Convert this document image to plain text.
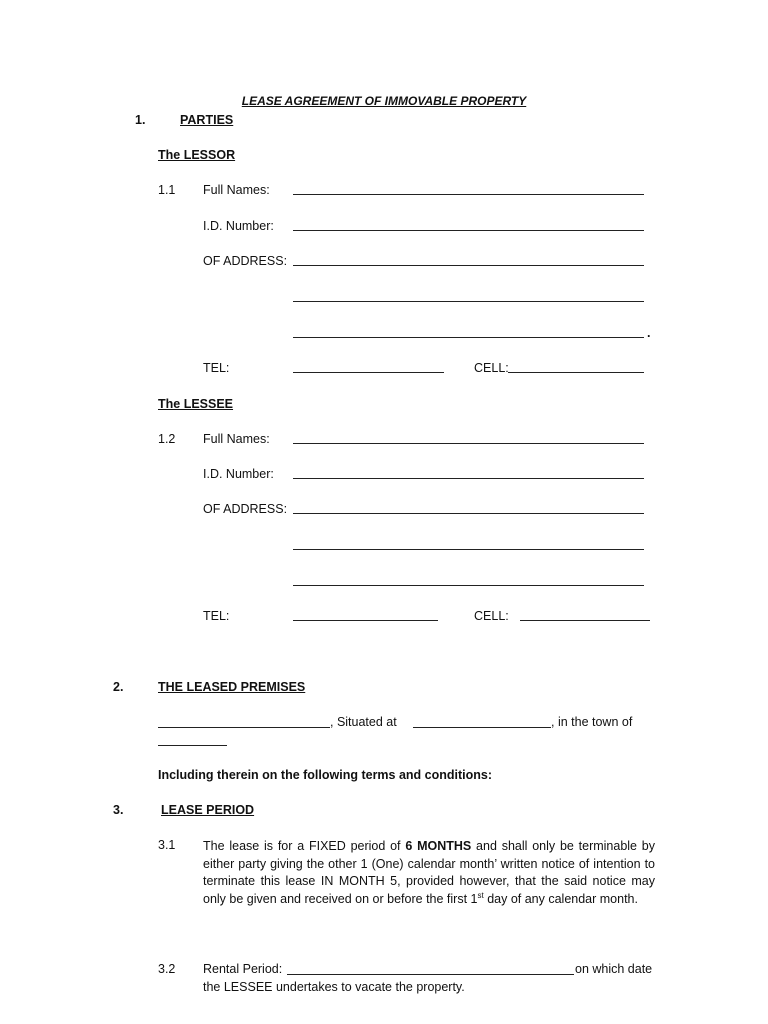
LEASE AGREEMENT OF IMMOVABLE PROPERTY
1.	PARTIES
The LESSOR
1.1 Full Names:
I.D. Number:
OF ADDRESS:
.
TEL:	CELL:
The LESSEE
1.2 Full Names:
I.D. Number:
OF ADDRESS:
TEL:	CELL:
2.	THE LEASED PREMISES
, Situated at	, in the town of
Including therein on the following terms and conditions:
3.	LEASE PERIOD
3.1 The lease is for a FIXED period of 6 MONTHS and shall only be terminable by either party giving the other 1 (One) calendar month’ written notice of intention to terminate this lease IN MONTH 5, provided however, that the said notice may only be given and received on or before the first 1st day of any calendar month.
3.2 Rental Period:	on which date
the LESSEE undertakes to vacate the property.
